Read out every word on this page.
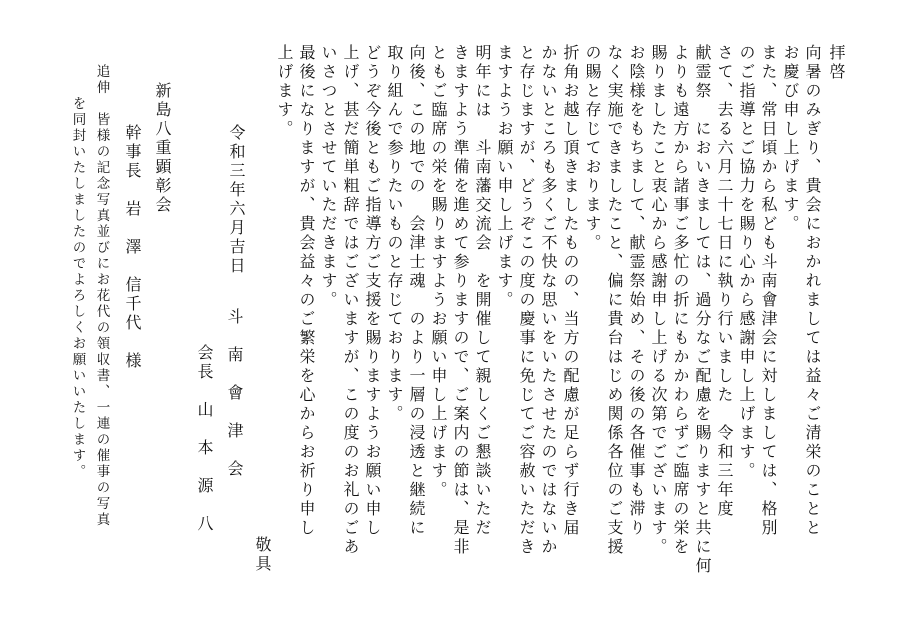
拝啓
向暑のみぎり、貴会におかれましては益々ご清栄のことと
お慶び申し上げます。
また、常日頃から私ども斗南會津会に対しましては、格別
のご指導とご協力を賜り心から感謝申し上げます。
さて、去る六月二十七日に執り行いました　令和三年度
献霊祭　においきましては、過分なご配慮を賜りますと共に何
よりも遠方から諸事ご多忙の折にもかかわらずご臨席の栄を
賜りましたこと衷心から感謝申し上げる次第でございます。
お陰様をもちまして、献霊祭始め、その後の各催事も滞り
なく実施できましたこと、偏に貴台はじめ関係各位のご支援
の賜と存じております。
折角お越し頂きましたものの、当方の配慮が足らず行き届
かないところも多くご不快な思いをいたさせたのではないか
と存じますが、どうぞこの度の慶事に免じてご容赦いただき
ますようお願い申し上げます。
明年には　斗南藩交流会　を開催して親しくご懇談いただ
きますよう準備を進めて参りますので、ご案内の節は、是非
ともご臨席の栄を賜りますようお願い申し上げます。
向後、この地での　会津士魂　のより一層の浸透と継続に
取り組んで参りたいものと存じております。
どうぞ今後ともご指導方ご支援を賜りますようお願い申し
上げ、甚だ簡単粗辞ではございますが、この度のお礼のごあ
いさつとさせていただきます。
最後になりますが、貴会益々のご繁栄を心からお祈り申し
上げます。
敬具
斗　南　會　津　会
会長　山　本　源　八
令和三年六月吉日
新島八重顕彰会
幹事長　岩　澤　信千代　様
追伸　皆様の記念写真並びにお花代の領収書、一連の催事の写真
を同封いたしましたのでよろしくお願いいたします。
